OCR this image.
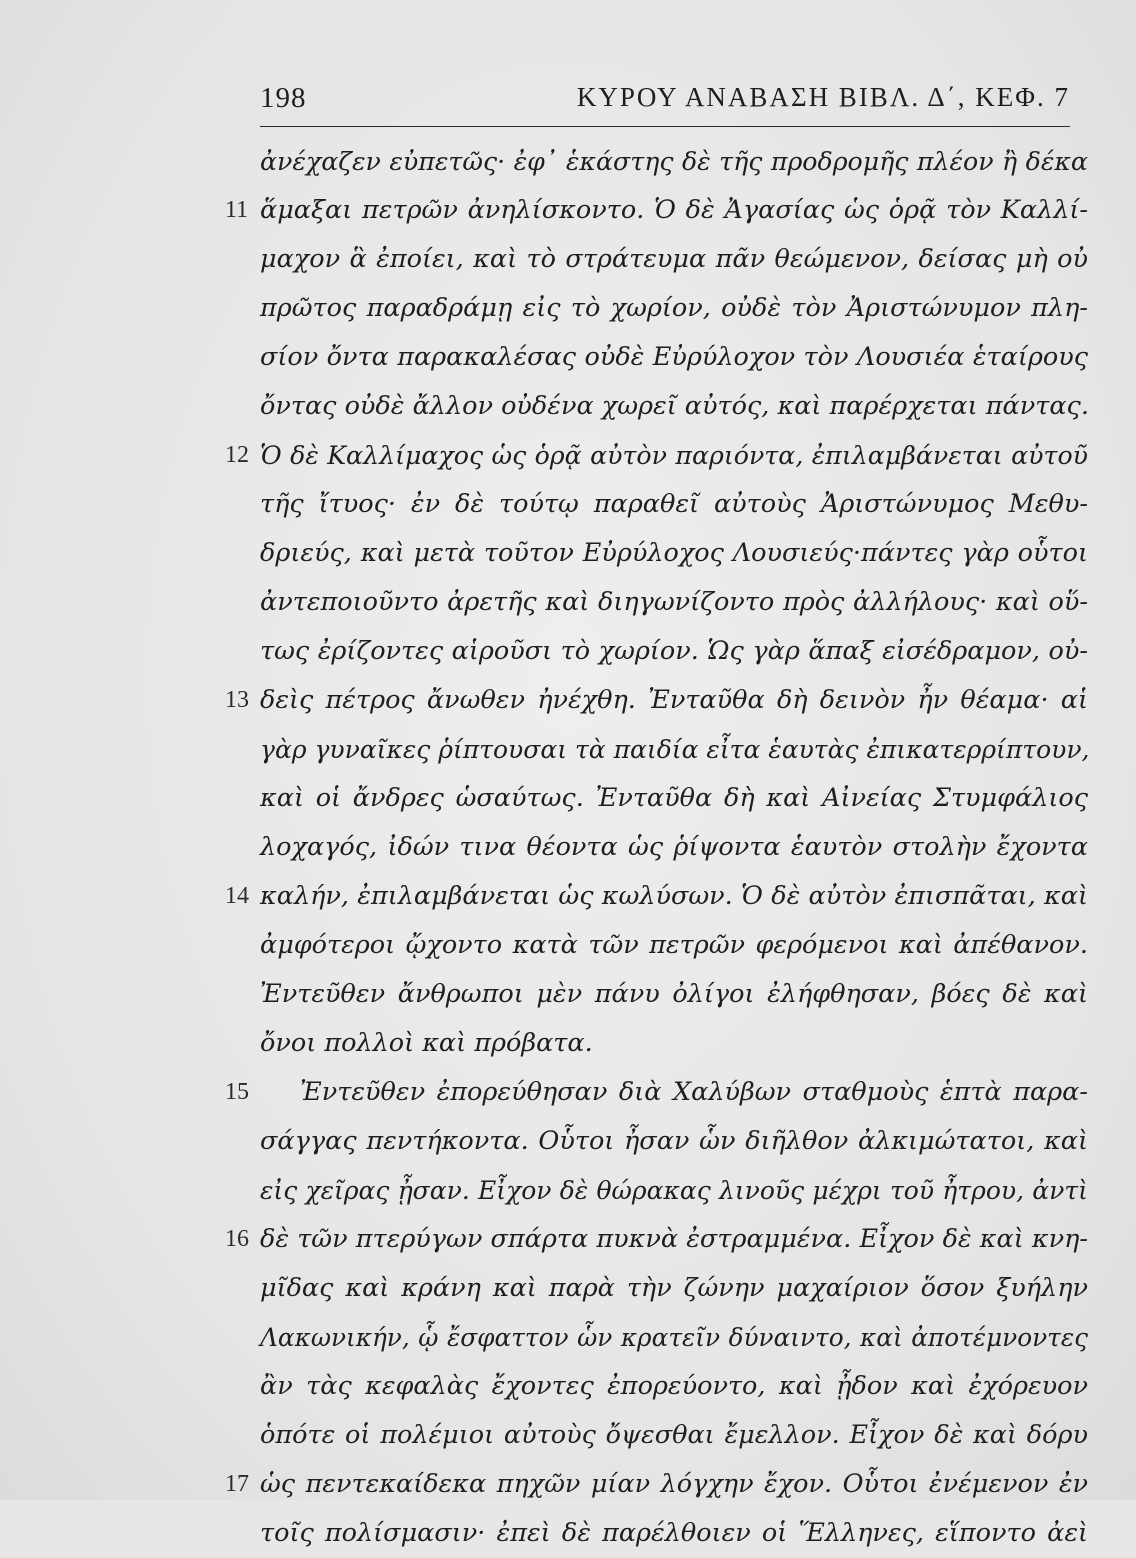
198	ΚΥΡΟΥ ΑΝΑΒΑΣΗ ΒΙΒΛ. Δ΄, ΚΕΦ. 7
ἀνέχαζεν εὐπετῶς· ἐφ᾽ ἑκάστης δὲ τῆς προδρομῆς πλέον ἢ δέκα
11 ἅμαξαι πετρῶν ἀνηλίσκοντο. Ὁ δὲ Ἀγασίας ὡς ὁρᾷ τὸν Καλλί-
μαχον ἃ ἐποίει, καὶ τὸ στράτευμα πᾶν θεώμενον, δείσας μὴ οὐ
πρῶτος παραδράμῃ εἰς τὸ χωρίον, οὐδὲ τὸν Ἀριστώνυμον πλη-
σίον ὄντα παρακαλέσας οὐδὲ Εὐρύλοχον τὸν Λουσιέα ἑταίρους
ὄντας οὐδὲ ἄλλον οὐδένα χωρεῖ αὐτός, καὶ παρέρχεται πάντας.
12 Ὁ δὲ Καλλίμαχος ὡς ὁρᾷ αὐτὸν παριόντα, ἐπιλαμβάνεται αὐτοῦ
τῆς ἴτυος· ἐν δὲ τούτῳ παραθεῖ αὐτοὺς Ἀριστώνυμος Μεθυ-
δριεύς, καὶ μετὰ τοῦτον Εὐρύλοχος Λουσιεύς·πάντες γὰρ οὗτοι
ἀντεποιοῦντο ἀρετῆς καὶ διηγωνίζοντο πρὸς ἀλλήλους· καὶ οὕ-
τως ἐρίζοντες αἱροῦσι τὸ χωρίον. Ὡς γὰρ ἅπαξ εἰσέδραμον, οὐ-
13 δεὶς πέτρος ἄνωθεν ἠνέχθη. Ἐνταῦθα δὴ δεινὸν ἦν θέαμα· αἱ
γὰρ γυναῖκες ῥίπτουσαι τὰ παιδία εἶτα ἑαυτὰς ἐπικατερρίπτουν,
καὶ οἱ ἄνδρες ὡσαύτως. Ἐνταῦθα δὴ καὶ Αἰνείας Στυμφάλιος
λοχαγός, ἰδών τινα θέοντα ὡς ῥίψοντα ἑαυτὸν στολὴν ἔχοντα
14 καλήν, ἐπιλαμβάνεται ὡς κωλύσων. Ὁ δὲ αὐτὸν ἐπισπᾶται, καὶ
ἀμφότεροι ᾤχοντο κατὰ τῶν πετρῶν φερόμενοι καὶ ἀπέθανον.
Ἐντεῦθεν ἄνθρωποι μὲν πάνυ ὀλίγοι ἐλήφθησαν, βόες δὲ καὶ
ὄνοι πολλοὶ καὶ πρόβατα.
15 Ἐντεῦθεν ἐπορεύθησαν διὰ Χαλύβων σταθμοὺς ἑπτὰ παρα-
σάγγας πεντήκοντα. Οὗτοι ἦσαν ὧν διῆλθον ἀλκιμώτατοι, καὶ
εἰς χεῖρας ᾖσαν. Εἶχον δὲ θώρακας λινοῦς μέχρι τοῦ ἦτρου, ἀντὶ
16 δὲ τῶν πτερύγων σπάρτα πυκνὰ ἐστραμμένα. Εἶχον δὲ καὶ κνη-
μῖδας καὶ κράνη καὶ παρὰ τὴν ζώνην μαχαίριον ὅσον ξυήλην
Λακωνικήν, ᾧ ἔσφαττον ὧν κρατεῖν δύναιντο, καὶ ἀποτέμνοντες
ἂν τὰς κεφαλὰς ἔχοντες ἐπορεύοντο, καὶ ᾖδον καὶ ἐχόρευον
ὁπότε οἱ πολέμιοι αὐτοὺς ὄψεσθαι ἔμελλον. Εἶχον δὲ καὶ δόρυ
17 ὡς πεντεκαίδεκα πηχῶν μίαν λόγχην ἔχον. Οὗτοι ἐνέμενον ἐν
τοῖς πολίσμασιν· ἐπεὶ δὲ παρέλθοιεν οἱ Ἕλληνες, εἵποντο ἀεὶ
